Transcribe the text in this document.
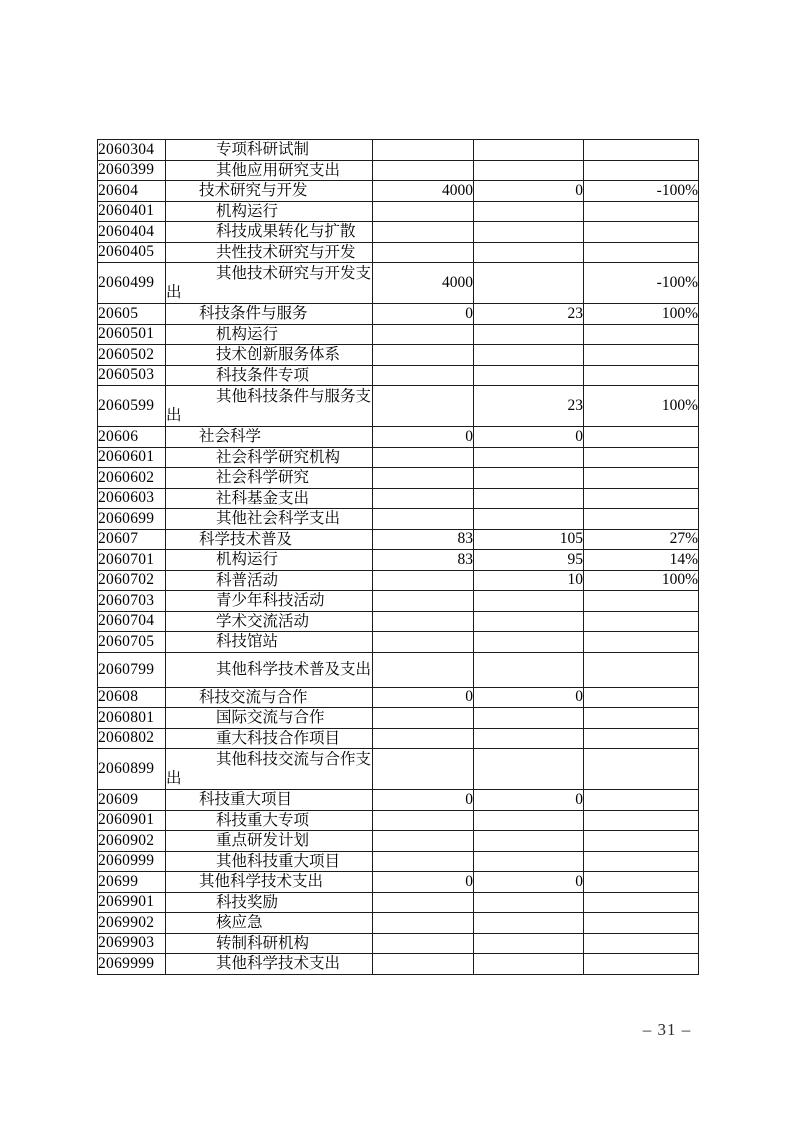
2060304	专项科研试制			

2060399	其他应用研究支出			

20604	技术研究与开发	4000	0	-100%
2060401	机构运行			

2060404	科技成果转化与扩散			

2060405	共性技术研究与开发			

2060499	其他技术研究与开发支出	4000		-100%
20605	科技条件与服务	0	23	100%
2060501	机构运行			

2060502	技术创新服务体系			

2060503	科技条件专项			

2060599	其他科技条件与服务支出		23	100%
20606	社会科学	0	0	
2060601	社会科学研究机构			

2060602	社会科学研究			

2060603	社科基金支出			

2060699	其他社会科学支出			

20607	科学技术普及	83	105	27%
2060701	机构运行	83	95	14%
2060702	科普活动		10	100%
2060703	青少年科技活动			

2060704	学术交流活动			

2060705	科技馆站			

2060799	其他科学技术普及支出			

20608	科技交流与合作	0	0	
2060801	国际交流与合作			

2060802	重大科技合作项目			

2060899	其他科技交流与合作支出			

20609	科技重大项目	0	0	
2060901	科技重大专项			

2060902	重点研发计划			

2060999	其他科技重大项目			

20699	其他科学技术支出	0	0	
2069901	科技奖励			

2069902	核应急			

2069903	转制科研机构			

2069999	其他科学技术支出			

– 31 –
